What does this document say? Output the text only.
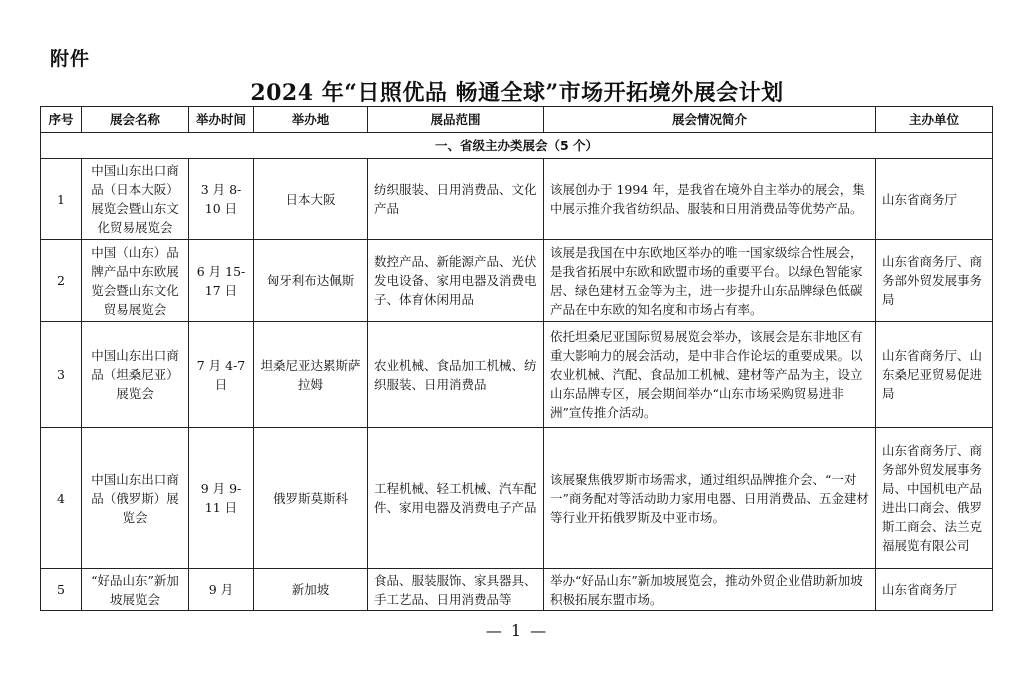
附件
2024 年“日照优品 畅通全球”市场开拓境外展会计划
序号	展会名称	举办时间	举办地	展品范围	展会情况简介	主办单位
一、省级主办类展会（5 个）						
1	中国山东出口商品（日本大阪）展览会暨山东文化贸易展览会	3 月 8-10 日	日本大阪	纺织服装、日用消费品、文化产品	该展创办于 1994 年，是我省在境外自主举办的展会，集中展示推介我省纺织品、服装和日用消费品等优势产品。	山东省商务厅
2	中国（山东）品牌产品中东欧展览会暨山东文化贸易展览会	6 月 15-17 日	匈牙利布达佩斯	数控产品、新能源产品、光伏发电设备、家用电器及消费电子、体育休闲用品	该展是我国在中东欧地区举办的唯一国家级综合性展会，是我省拓展中东欧和欧盟市场的重要平台。以绿色智能家居、绿色建材五金等为主，进一步提升山东品牌绿色低碳产品在中东欧的知名度和市场占有率。	山东省商务厅、商务部外贸发展事务局
3	中国山东出口商品（坦桑尼亚）展览会	7 月 4-7 日	坦桑尼亚达累斯萨拉姆	农业机械、食品加工机械、纺织服装、日用消费品	依托坦桑尼亚国际贸易展览会举办，该展会是东非地区有重大影响力的展会活动，是中非合作论坛的重要成果。以农业机械、汽配、食品加工机械、建材等产品为主，设立山东品牌专区，展会期间举办“山东市场采购贸易进非洲”宣传推介活动。	山东省商务厅、山东桑尼亚贸易促进局
4	中国山东出口商品（俄罗斯）展览会	9 月 9-11 日	俄罗斯莫斯科	工程机械、轻工机械、汽车配件、家用电器及消费电子产品	该展聚焦俄罗斯市场需求，通过组织品牌推介会、“一对一”商务配对等活动助力家用电器、日用消费品、五金建材等行业开拓俄罗斯及中亚市场。	山东省商务厅、商务部外贸发展事务局、中国机电产品进出口商会、俄罗斯工商会、法兰克福展览有限公司
5	“好品山东”新加坡展览会	9 月	新加坡	食品、服装服饰、家具器具、手工艺品、日用消费品等	举办“好品山东”新加坡展览会，推动外贸企业借助新加坡积极拓展东盟市场。	山东省商务厅
— 1 —
